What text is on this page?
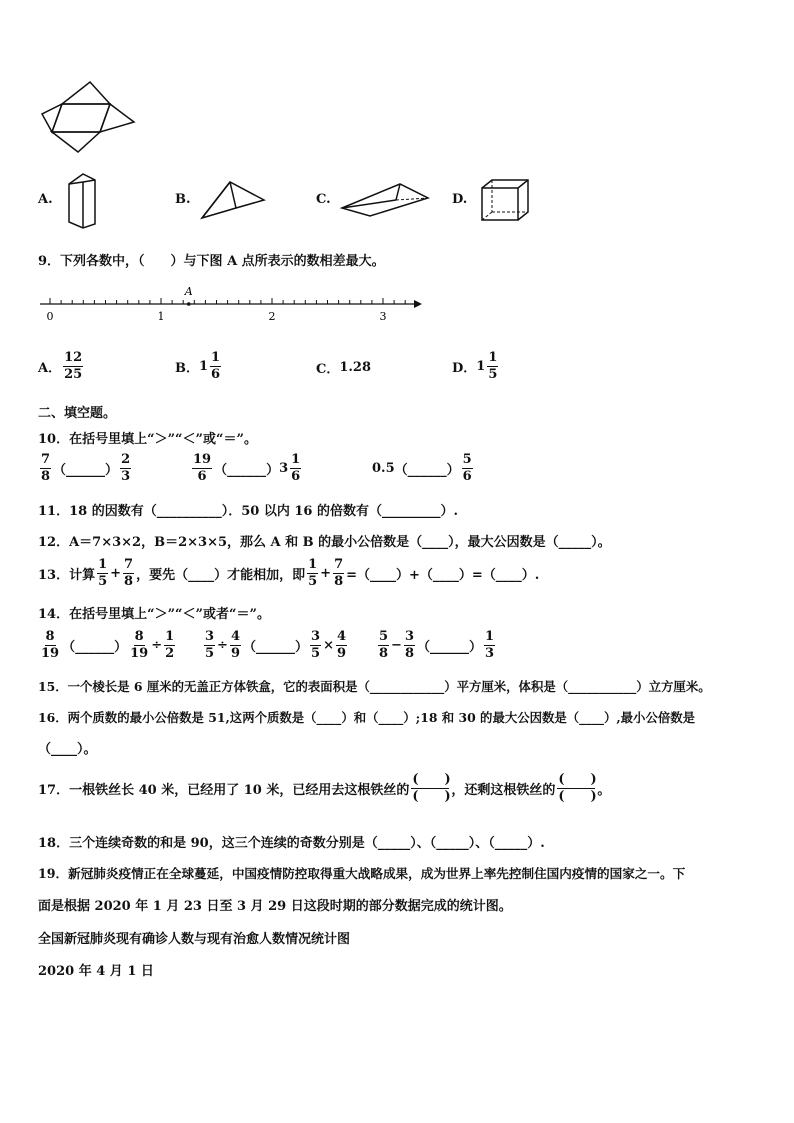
A.	B.	C.	D.
9．下列各数中，（　　）与下图 A 点所表示的数相差最大。
A
0	1	2	3
A． $\frac{12}{25}$	B． $1 \frac{1}{6}$	C． 1.28	D． $1 \frac{1}{5}$
二、填空题。
10．在括号里填上“＞”“＜”或“＝”。
$\frac{7}{8}$ （______） $\frac{2}{3}$	$\frac{19}{6}$ （______） $3 \frac{1}{6}$	0.5 （______） $\frac{5}{6}$
11．18 的因数有（__________）．50 以内 16 的倍数有（_________）.
12．A＝7×3×2，B＝2×3×5，那么 A 和 B 的最小公倍数是（____），最大公因数是（_____）。
13．计算 $\frac{1}{5} + \frac{7}{8}$ ，要先（____）才能相加，即 $\frac{1}{5} + \frac{7}{8}$ =（____）+（____）=（____）.
14．在括号里填上“＞”“＜”或者“＝”。
$\frac{8}{19}$ （______） $\frac{8}{19} \div \frac{1}{2} \frac{3}{5} \div \frac{4}{9}$ （______） $\frac{3}{5} \times \frac{4}{9} \frac{5}{8} - \frac{3}{8}$ （______） $\frac{1}{3}$
15．一个棱长是 6 厘米的无盖正方体铁盒，它的表面积是（____________）平方厘米，体积是（___________）立方厘米。
16．两个质数的最小公倍数是 51,这两个质数是（____）和（____）;18 和 30 的最大公因数是（____）,最小公倍数是
（____）。
17．一根铁丝长 40 米，已经用了 10 米，已经用去这根铁丝的 $\frac{( )}{( )}$ ，还剩这根铁丝的 $\frac{( )}{( )}$ 。
18．三个连续奇数的和是 90，这三个连续的奇数分别是（_____）、（_____）、（_____）.
19．新冠肺炎疫情正在全球蔓延，中国疫情防控取得重大战略成果，成为世界上率先控制住国内疫情的国家之一。下
面是根据 2020 年 1 月 23 日至 3 月 29 日这段时期的部分数据完成的统计图。
全国新冠肺炎现有确诊人数与现有治愈人数情况统计图
2020 年 4 月 1 日
